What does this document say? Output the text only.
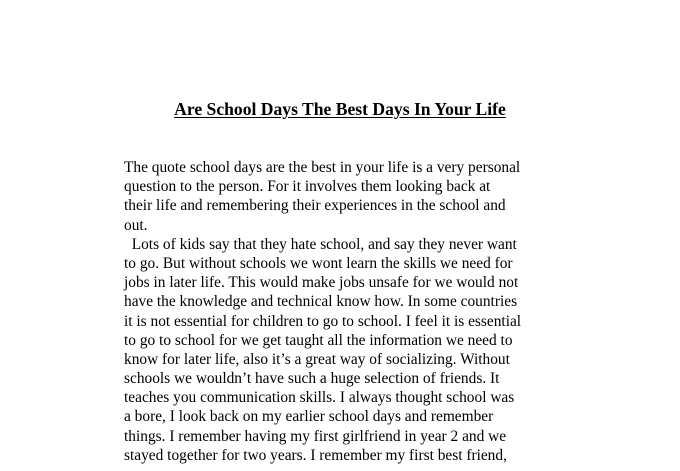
Are School Days The Best Days In Your Life
The quote school days are the best in your life is a very personal
question to the person. For it involves them looking back at
their life and remembering their experiences in the school and
out.
Lots of kids say that they hate school, and say they never want
to go. But without schools we wont learn the skills we need for
jobs in later life. This would make jobs unsafe for we would not
have the knowledge and technical know how. In some countries
it is not essential for children to go to school. I feel it is essential
to go to school for we get taught all the information we need to
know for later life, also it’s a great way of socializing. Without
schools we wouldn’t have such a huge selection of friends. It
teaches you communication skills. I always thought school was
a bore, I look back on my earlier school days and remember
things. I remember having my first girlfriend in year 2 and we
stayed together for two years. I remember my first best friend,
